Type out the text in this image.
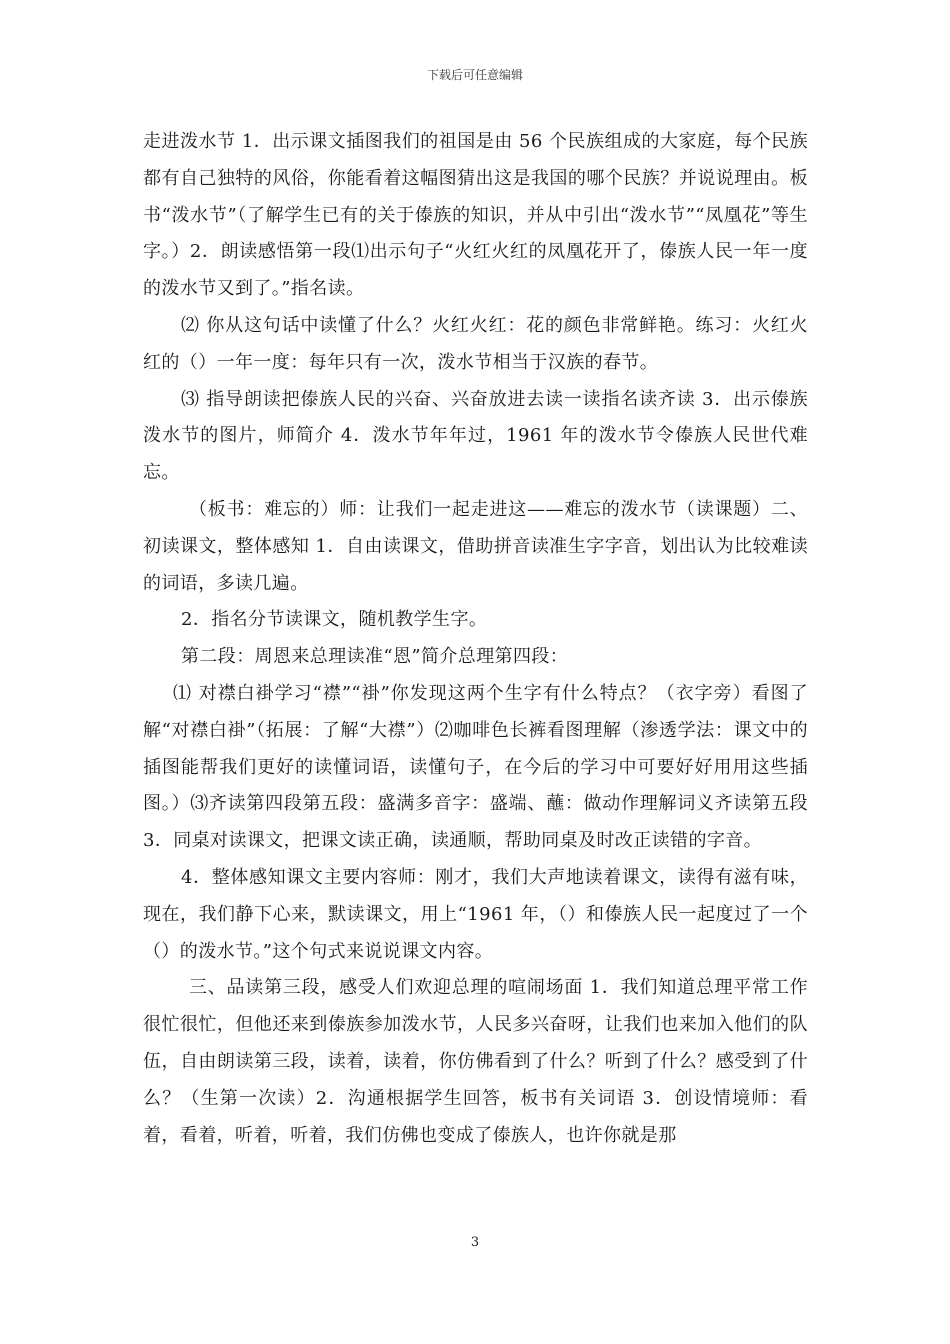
下载后可任意编辑

走进泼水节 1．出示课文插图我们的祖国是由 56 个民族组成的大家庭，每个民族都有自己独特的风俗，你能看着这幅图猜出这是我国的哪个民族？并说说理由。板书“泼水节”（了解学生已有的关于傣族的知识，并从中引出“泼水节”“凤凰花”等生字。）2．朗读感悟第一段⑴出示句子“火红火红的凤凰花开了，傣族人民一年一度的泼水节又到了。”指名读。

⑵ 你从这句话中读懂了什么？火红火红：花的颜色非常鲜艳。练习：火红火红的（）一年一度：每年只有一次，泼水节相当于汉族的春节。

⑶ 指导朗读把傣族人民的兴奋、兴奋放进去读一读指名读齐读 3．出示傣族泼水节的图片，师简介 4．泼水节年年过，1961 年的泼水节令傣族人民世代难忘。

（板书：难忘的）师：让我们一起走进这——难忘的泼水节（读课题）二、初读课文，整体感知 1．自由读课文，借助拼音读准生字字音，划出认为比较难读的词语，多读几遍。

2．指名分节读课文，随机教学生字。

第二段：周恩来总理读准“恩”简介总理第四段：

⑴ 对襟白褂学习“襟”“褂”你发现这两个生字有什么特点？（衣字旁）看图了解“对襟白褂”（拓展：了解“大襟”）⑵咖啡色长裤看图理解（渗透学法：课文中的插图能帮我们更好的读懂词语，读懂句子，在今后的学习中可要好好用用这些插图。）⑶齐读第四段第五段：盛满多音字：盛端、蘸：做动作理解词义齐读第五段 3．同桌对读课文，把课文读正确，读通顺，帮助同桌及时改正读错的字音。

4．整体感知课文主要内容师：刚才，我们大声地读着课文，读得有滋有味，现在，我们静下心来，默读课文，用上“1961 年，（）和傣族人民一起度过了一个（）的泼水节。”这个句式来说说课文内容。

三、品读第三段，感受人们欢迎总理的喧闹场面 1．我们知道总理平常工作很忙很忙，但他还来到傣族参加泼水节，人民多兴奋呀，让我们也来加入他们的队伍，自由朗读第三段，读着，读着，你仿佛看到了什么？听到了什么？感受到了什么？（生第一次读）2．沟通根据学生回答，板书有关词语 3．创设情境师：看着，看着，听着，听着，我们仿佛也变成了傣族人，也许你就是那

3
